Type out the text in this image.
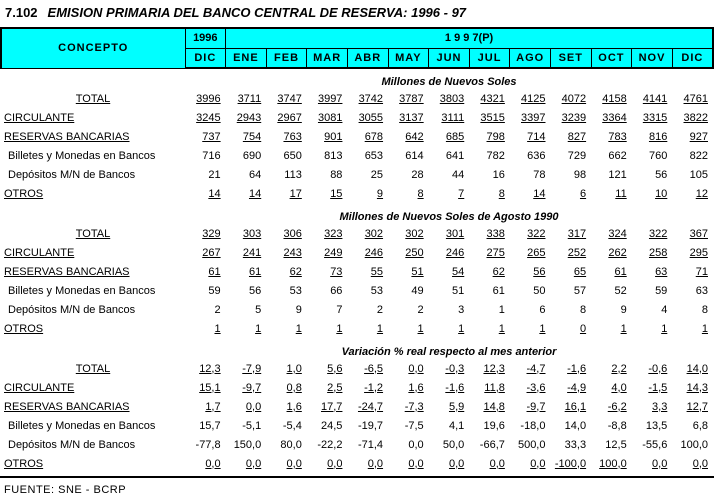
7.102 EMISION PRIMARIA DEL BANCO CENTRAL DE RESERVA: 1996 - 97
CONCEPTO	1996	1 9 9 7(P)											
	DIC	ENE	FEB	MAR	ABR	MAY	JUN	JUL	AGO	SET	OCT	NOV	DIC
	Millones de Nuevos Soles												
TOTAL	3996	3711	3747	3997	3742	3787	3803	4321	4125	4072	4158	4141	4761
CIRCULANTE	3245	2943	2967	3081	3055	3137	3111	3515	3397	3239	3364	3315	3822
RESERVAS BANCARIAS	737	754	763	901	678	642	685	798	714	827	783	816	927
Billetes y Monedas en Bancos	716	690	650	813	653	614	641	782	636	729	662	760	822
Depósitos M/N de Bancos	21	64	113	88	25	28	44	16	78	98	121	56	105
OTROS	14	14	17	15	9	8	7	8	14	6	11	10	12
	Millones de Nuevos Soles de Agosto 1990												
TOTAL	329	303	306	323	302	302	301	338	322	317	324	322	367
CIRCULANTE	267	241	243	249	246	250	246	275	265	252	262	258	295
RESERVAS BANCARIAS	61	61	62	73	55	51	54	62	56	65	61	63	71
Billetes y Monedas en Bancos	59	56	53	66	53	49	51	61	50	57	52	59	63
Depósitos M/N de Bancos	2	5	9	7	2	2	3	1	6	8	9	4	8
OTROS	1	1	1	1	1	1	1	1	1	0	1	1	1
	Variación % real respecto al mes anterior												
TOTAL	12,3	-7,9	1,0	5,6	-6,5	0,0	-0,3	12,3	-4,7	-1,6	2,2	-0,6	14,0
CIRCULANTE	15,1	-9,7	0,8	2,5	-1,2	1,6	-1,6	11,8	-3,6	-4,9	4,0	-1,5	14,3
RESERVAS BANCARIAS	1,7	0,0	1,6	17,7	-24,7	-7,3	5,9	14,8	-9,7	16,1	-6,2	3,3	12,7
Billetes y Monedas en Bancos	15,7	-5,1	-5,4	24,5	-19,7	-7,5	4,1	19,6	-18,0	14,0	-8,8	13,5	6,8
Depósitos M/N de Bancos	-77,8	150,0	80,0	-22,2	-71,4	0,0	50,0	-66,7	500,0	33,3	12,5	-55,6	100,0
OTROS	0,0	0,0	0,0	0,0	0,0	0,0	0,0	0,0	0,0	-100,0	100,0	0,0	0,0
FUENTE: SNE - BCRP
